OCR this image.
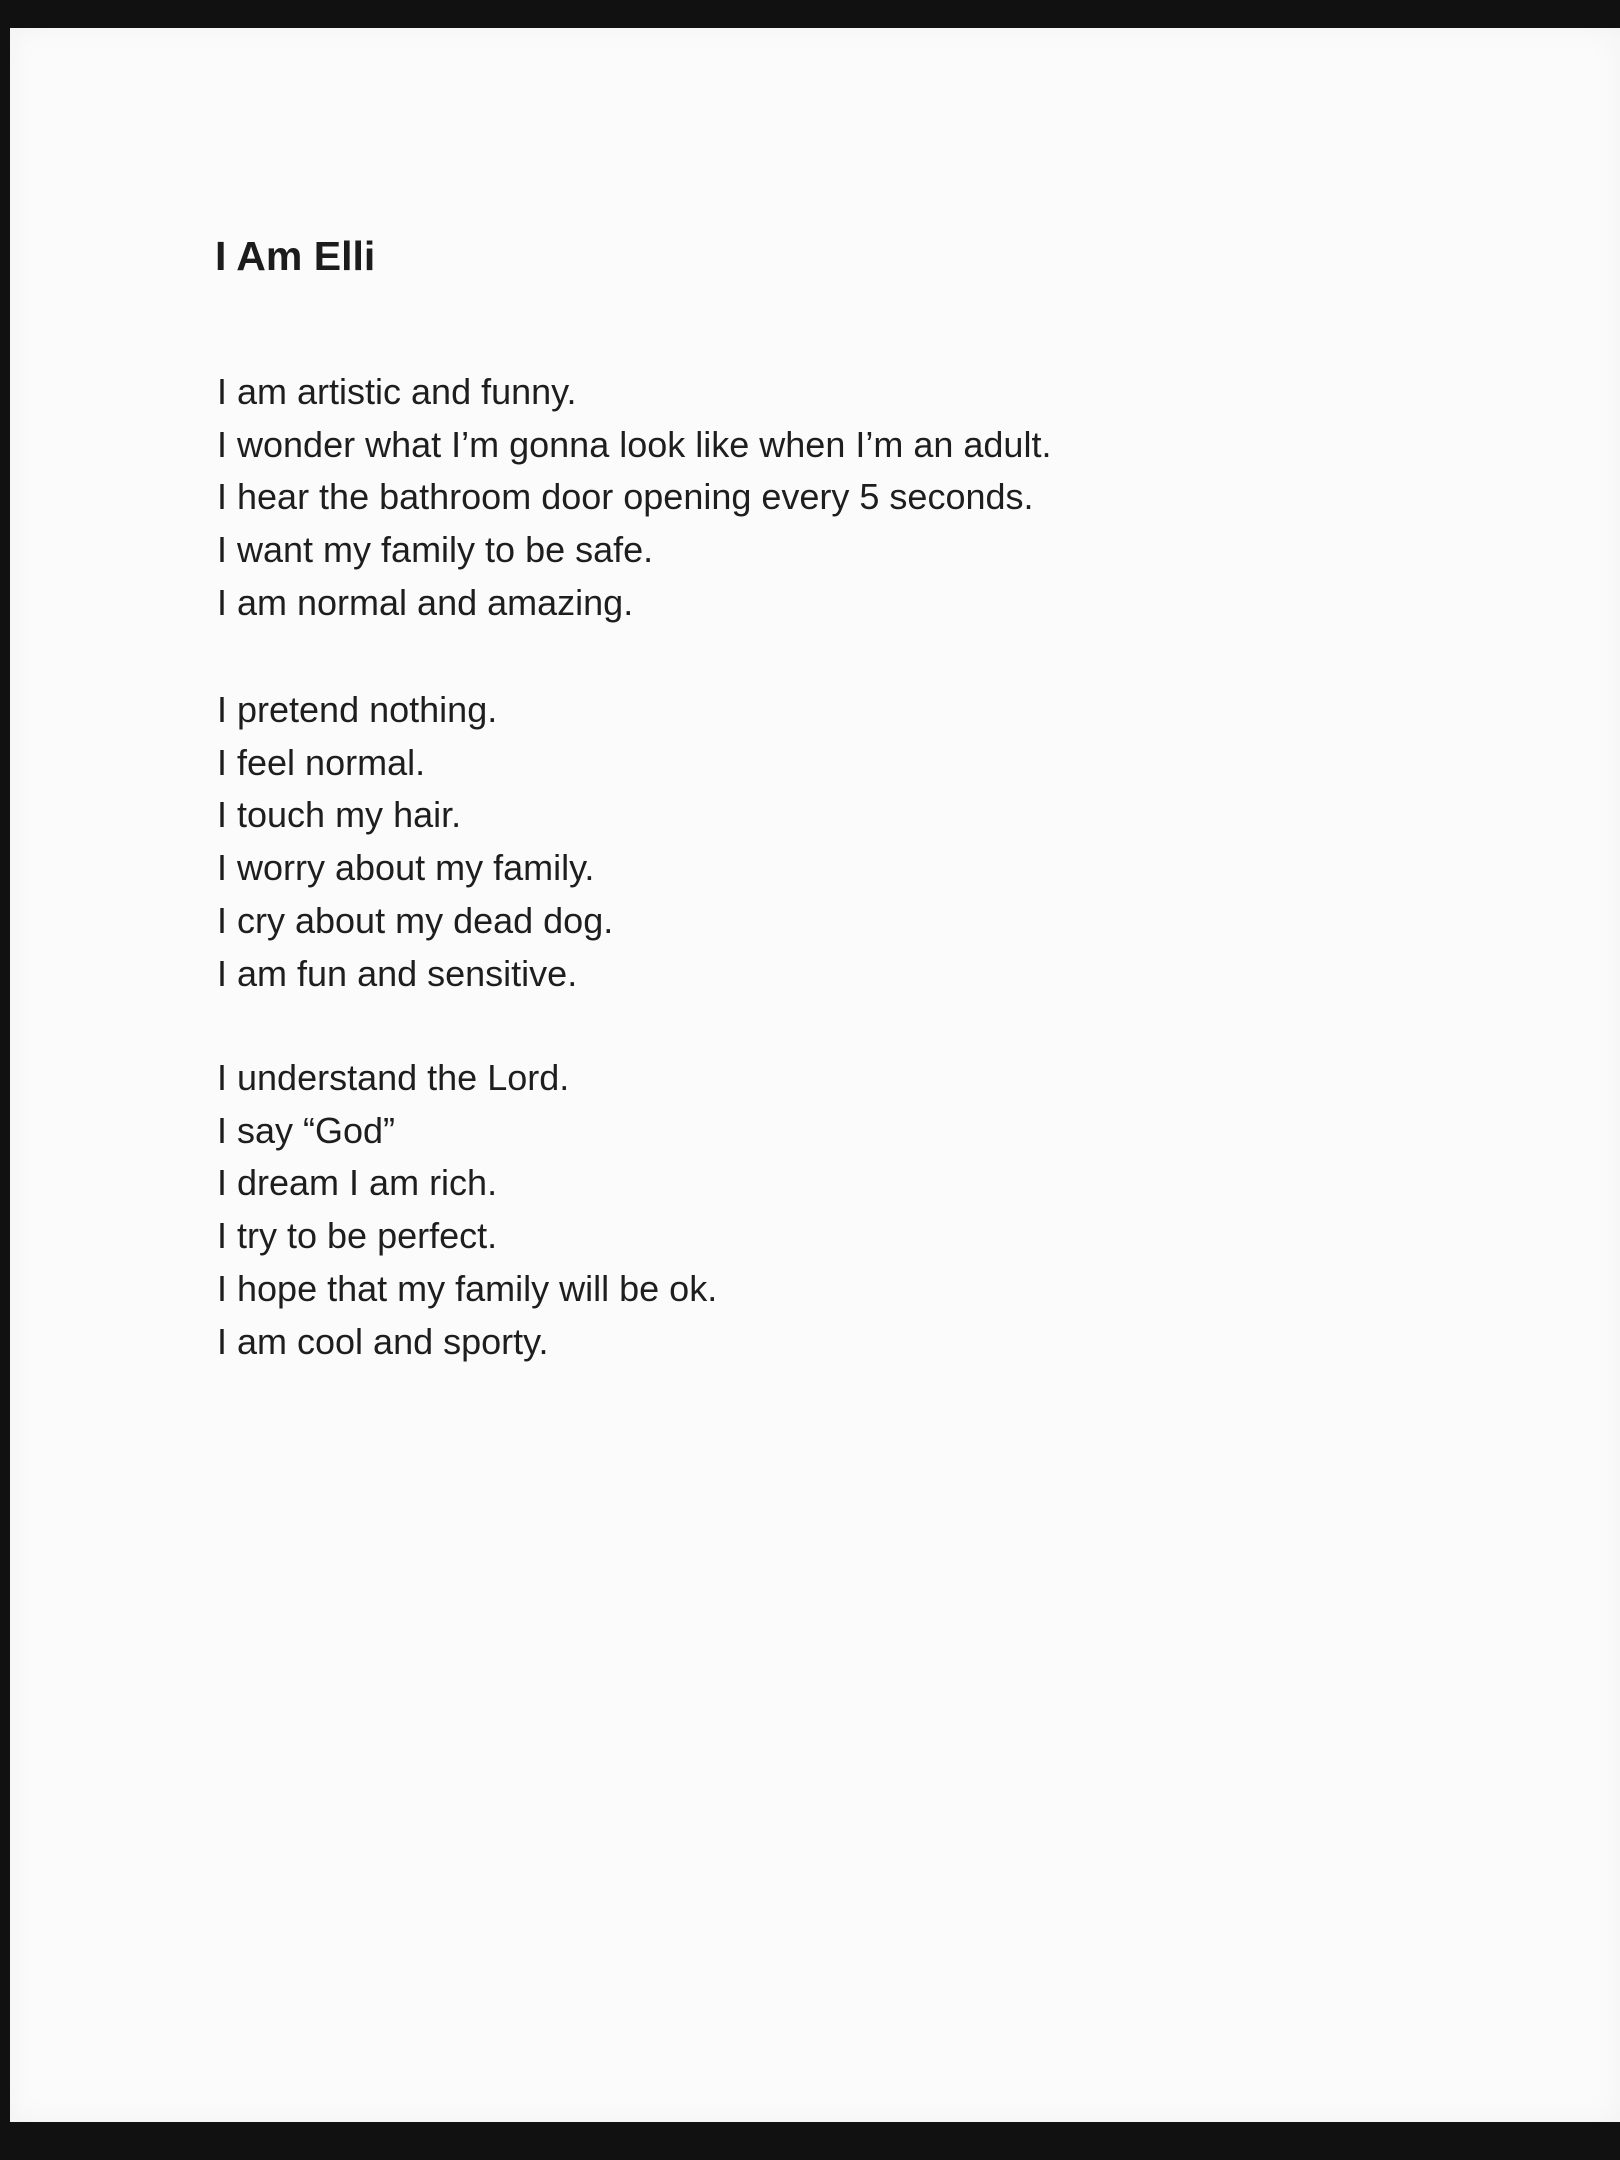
I Am Elli
I am artistic and funny.
I wonder what I’m gonna look like when I’m an adult.
I hear the bathroom door opening every 5 seconds.
I want my family to be safe.
I am normal and amazing.
I pretend nothing.
I feel normal.
I touch my hair.
I worry about my family.
I cry about my dead dog.
I am fun and sensitive.
I understand the Lord.
I say “God”
I dream I am rich.
I try to be perfect.
I hope that my family will be ok.
I am cool and sporty.
